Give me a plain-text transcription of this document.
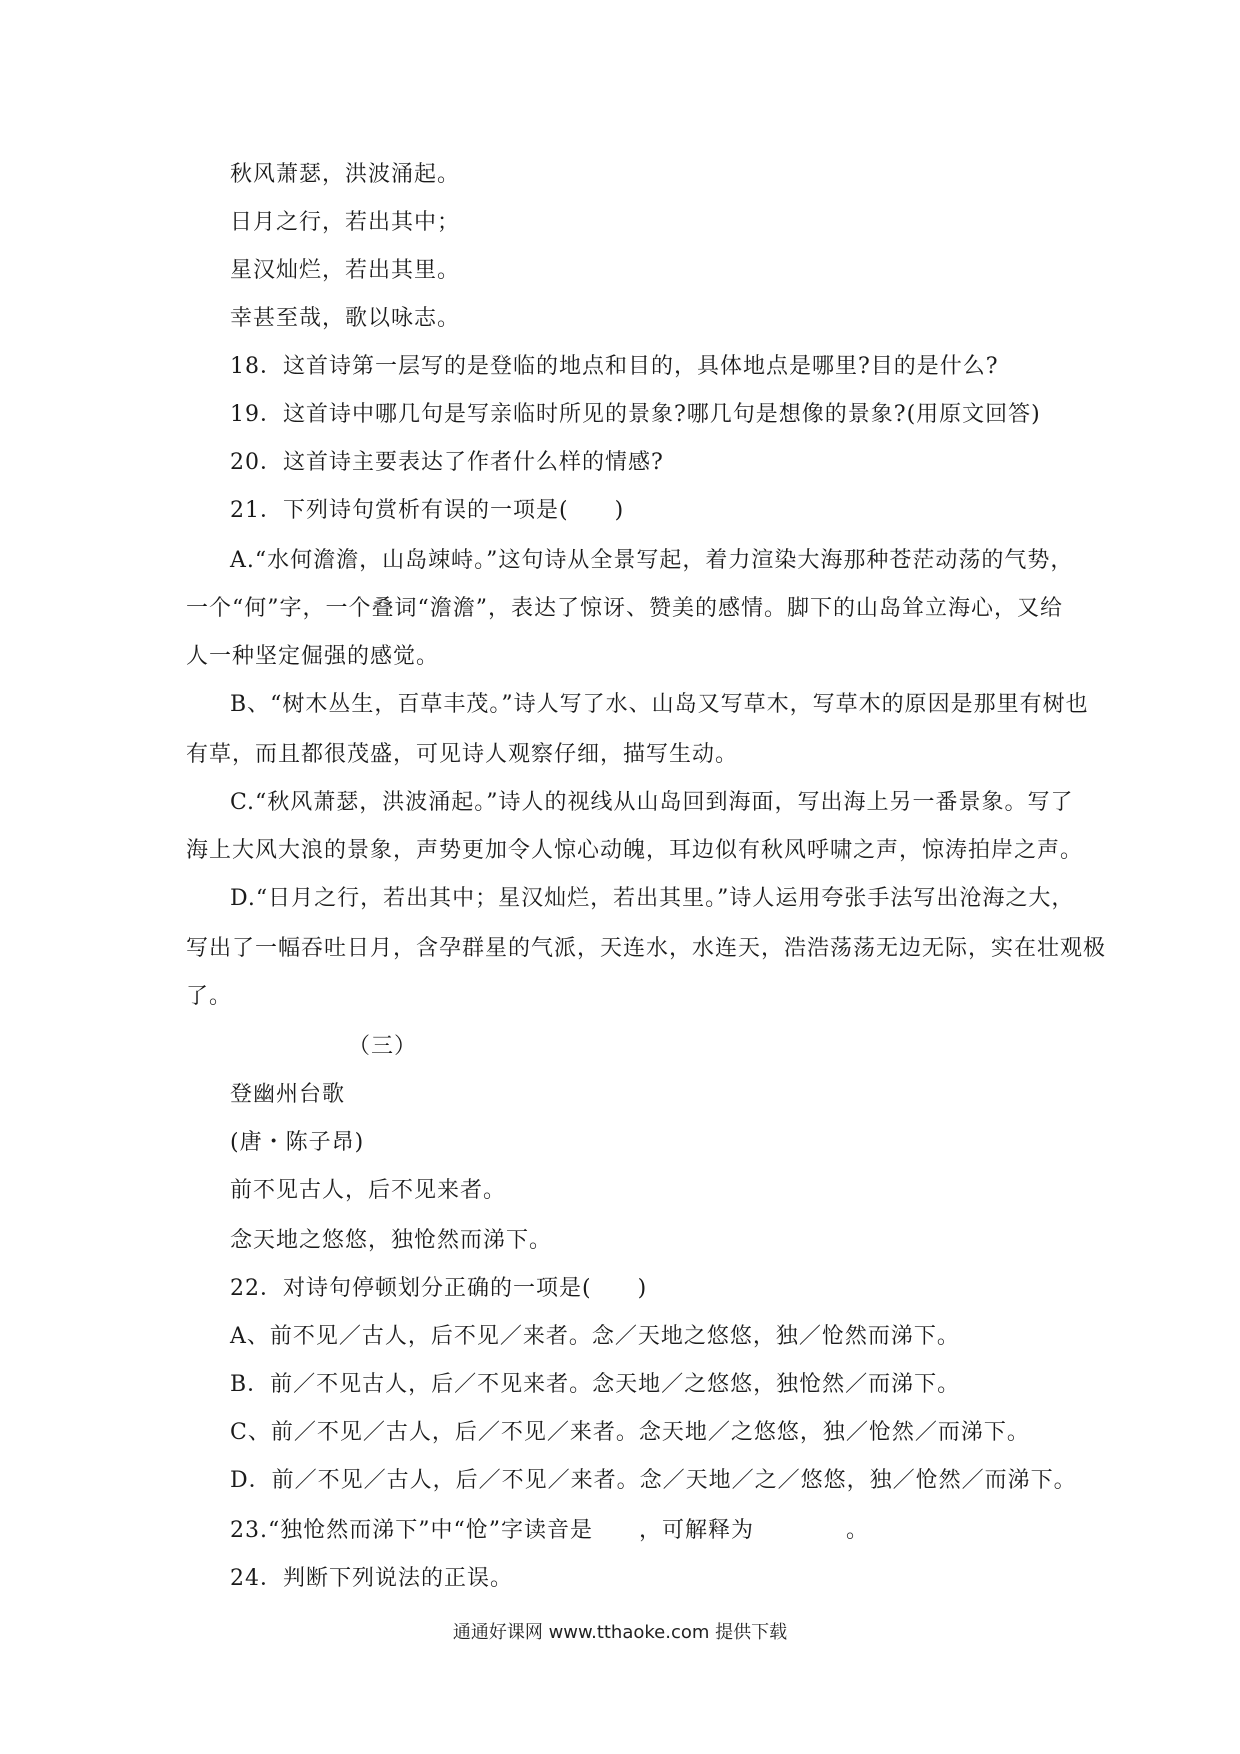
秋风萧瑟，洪波涌起。
日月之行，若出其中；
星汉灿烂，若出其里。
幸甚至哉，歌以咏志。
18．这首诗第一层写的是登临的地点和目的，具体地点是哪里?目的是什么?
19．这首诗中哪几句是写亲临时所见的景象?哪几句是想像的景象?(用原文回答)
20．这首诗主要表达了作者什么样的情感?
21．下列诗句赏析有误的一项是(　　)
A.“水何澹澹，山岛竦峙。”这句诗从全景写起，着力渲染大海那种苍茫动荡的气势，
一个“何”字，一个叠词“澹澹”，表达了惊讶、赞美的感情。脚下的山岛耸立海心，又给
人一种坚定倔强的感觉。
B、“树木丛生，百草丰茂。”诗人写了水、山岛又写草木，写草木的原因是那里有树也
有草，而且都很茂盛，可见诗人观察仔细，描写生动。
C.“秋风萧瑟，洪波涌起。”诗人的视线从山岛回到海面，写出海上另一番景象。写了
海上大风大浪的景象，声势更加令人惊心动魄，耳边似有秋风呼啸之声，惊涛拍岸之声。
D.“日月之行，若出其中；星汉灿烂，若出其里。”诗人运用夸张手法写出沧海之大，
写出了一幅吞吐日月，含孕群星的气派，天连水，水连天，浩浩荡荡无边无际，实在壮观极
了。
（三）
登幽州台歌
(唐・陈子昂)
前不见古人，后不见来者。
念天地之悠悠，独怆然而涕下。
22．对诗句停顿划分正确的一项是(　　)
A、前不见／古人，后不见／来者。念／天地之悠悠，独／怆然而涕下。
B．前／不见古人，后／不见来者。念天地／之悠悠，独怆然／而涕下。
C、前／不见／古人，后／不见／来者。念天地／之悠悠，独／怆然／而涕下。
D．前／不见／古人，后／不见／来者。念／天地／之／悠悠，独／怆然／而涕下。
23.“独怆然而涕下”中“怆”字读音是　　，可解释为　　　　。
24．判断下列说法的正误。
通通好课网 www.tthaoke.com 提供下载
